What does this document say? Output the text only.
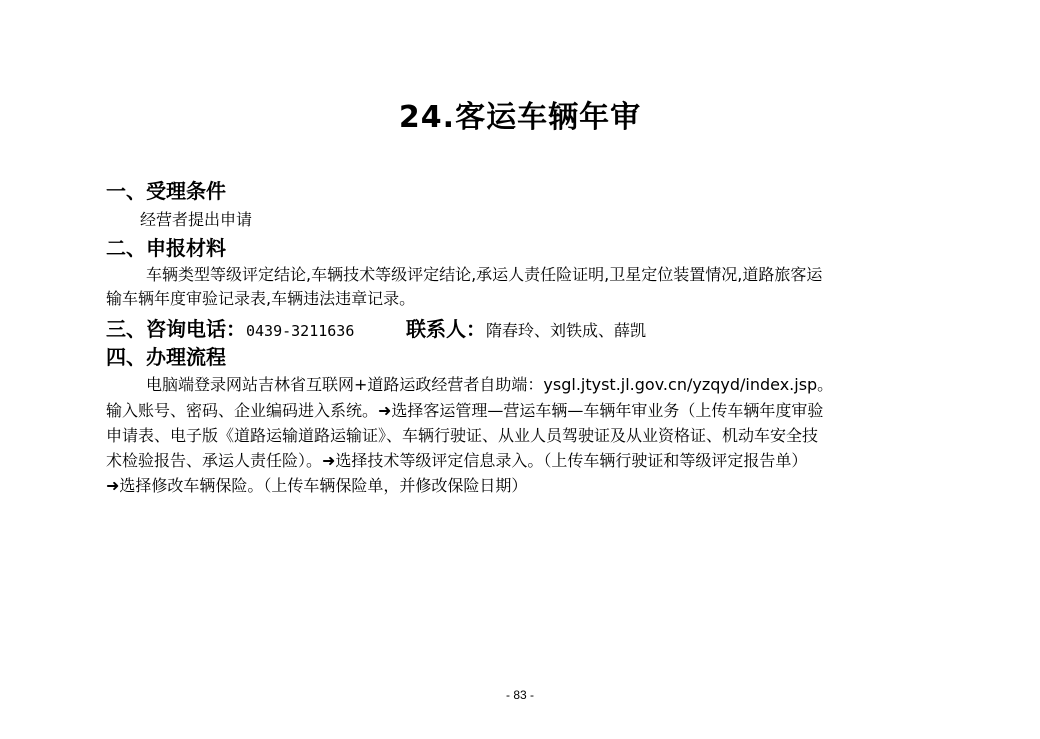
24.客运车辆年审
一、受理条件
经营者提出申请
二、申报材料
车辆类型等级评定结论,车辆技术等级评定结论,承运人责任险证明,卫星定位装置情况,道路旅客运
输车辆年度审验记录表,车辆违法违章记录。
三、咨询电话：0439-3211636	联系人：隋春玲、刘铁成、薛凯
四、办理流程
电脑端登录网站吉林省互联网+道路运政经营者自助端：ysgl.jtyst.jl.gov.cn/yzqyd/index.jsp。
输入账号、密码、企业编码进入系统。➜选择客运管理—营运车辆—车辆年审业务（上传车辆年度审验
申请表、电子版《道路运输道路运输证》、车辆行驶证、从业人员驾驶证及从业资格证、机动车安全技
术检验报告、承运人责任险）。➜选择技术等级评定信息录入。（上传车辆行驶证和等级评定报告单）
➜选择修改车辆保险。（上传车辆保险单，并修改保险日期）
- 83 -
